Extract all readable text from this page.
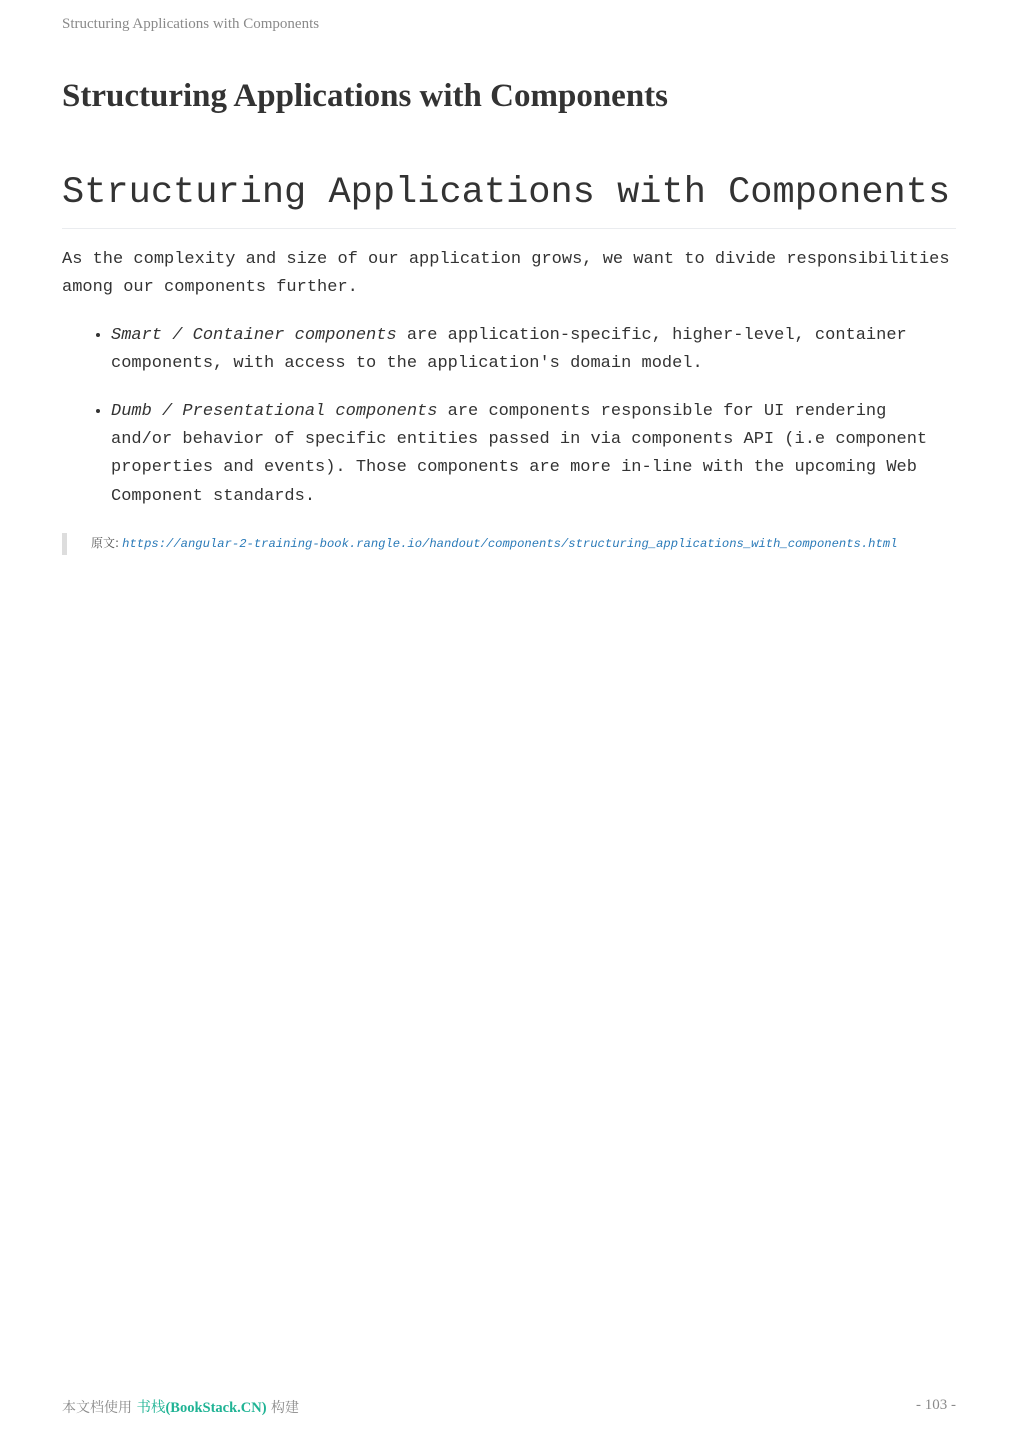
Structuring Applications with Components
Structuring Applications with Components
Structuring Applications with Components

As the complexity and size of our application grows, we want to divide responsibilities among our components further.

• Smart / Container components are application-specific, higher-level, container components, with access to the application's domain model.
• Dumb / Presentational components are components responsible for UI rendering and/or behavior of specific entities passed in via components API (i.e component properties and events). Those components are more in-line with the upcoming Web Component standards.
原文: https://angular-2-training-book.rangle.io/handout/components/structuring_applications_with_components.html
本文档使用 书栈(BookStack.CN) 构建	- 103 -
